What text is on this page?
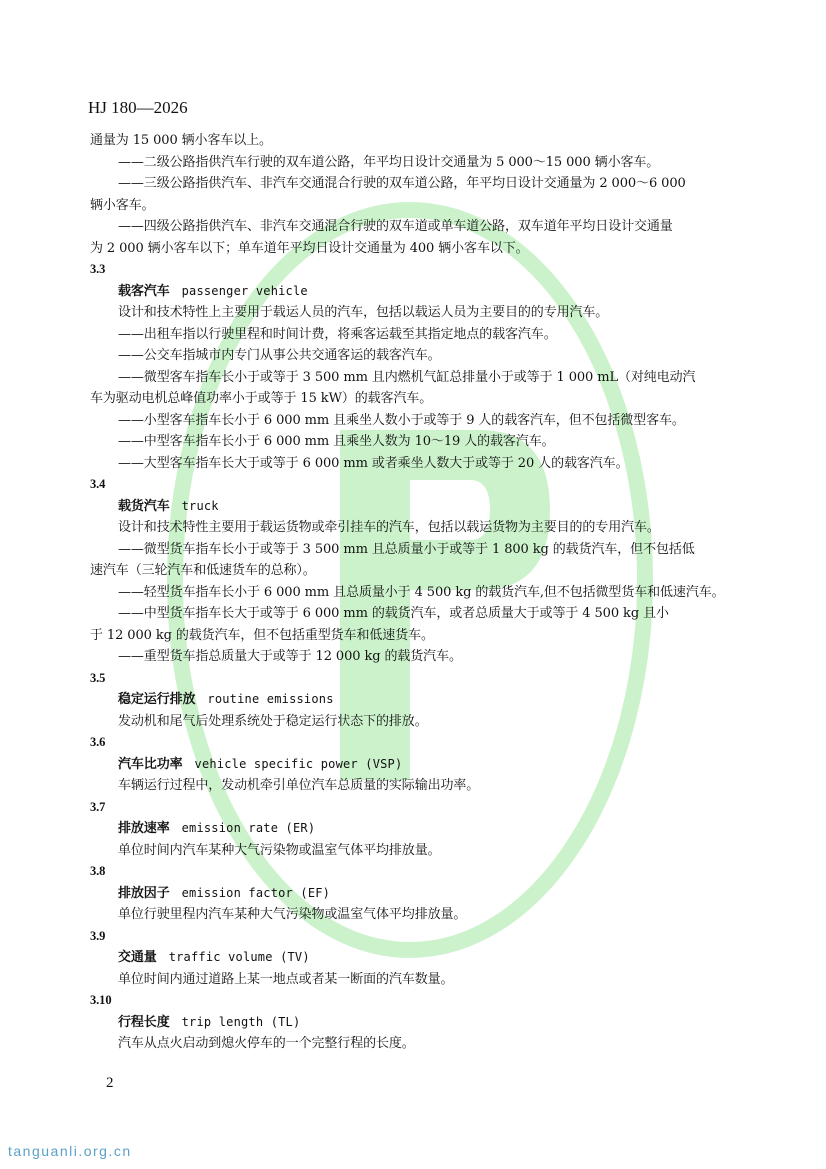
HJ 180—2026
通量为 15 000 辆小客车以上。
——二级公路指供汽车行驶的双车道公路，年平均日设计交通量为 5 000～15 000 辆小客车。
——三级公路指供汽车、非汽车交通混合行驶的双车道公路，年平均日设计交通量为 2 000～6 000
辆小客车。
——四级公路指供汽车、非汽车交通混合行驶的双车道或单车道公路，双车道年平均日设计交通量
为 2 000 辆小客车以下；单车道年平均日设计交通量为 400 辆小客车以下。
3.3
载客汽车 passenger vehicle
设计和技术特性上主要用于载运人员的汽车，包括以载运人员为主要目的的专用汽车。
——出租车指以行驶里程和时间计费，将乘客运载至其指定地点的载客汽车。
——公交车指城市内专门从事公共交通客运的载客汽车。
——微型客车指车长小于或等于 3 500 mm 且内燃机气缸总排量小于或等于 1 000 mL（对纯电动汽
车为驱动电机总峰值功率小于或等于 15 kW）的载客汽车。
——小型客车指车长小于 6 000 mm 且乘坐人数小于或等于 9 人的载客汽车，但不包括微型客车。
——中型客车指车长小于 6 000 mm 且乘坐人数为 10～19 人的载客汽车。
——大型客车指车长大于或等于 6 000 mm 或者乘坐人数大于或等于 20 人的载客汽车。
3.4
载货汽车 truck
设计和技术特性主要用于载运货物或牵引挂车的汽车，包括以载运货物为主要目的的专用汽车。
——微型货车指车长小于或等于 3 500 mm 且总质量小于或等于 1 800 kg 的载货汽车，但不包括低
速汽车（三轮汽车和低速货车的总称）。
——轻型货车指车长小于 6 000 mm 且总质量小于 4 500 kg 的载货汽车,但不包括微型货车和低速汽车。
——中型货车指车长大于或等于 6 000 mm 的载货汽车，或者总质量大于或等于 4 500 kg 且小
于 12 000 kg 的载货汽车，但不包括重型货车和低速货车。
——重型货车指总质量大于或等于 12 000 kg 的载货汽车。
3.5
稳定运行排放 routine emissions
发动机和尾气后处理系统处于稳定运行状态下的排放。
3.6
汽车比功率 vehicle specific power (VSP)
车辆运行过程中，发动机牵引单位汽车总质量的实际输出功率。
3.7
排放速率 emission rate (ER)
单位时间内汽车某种大气污染物或温室气体平均排放量。
3.8
排放因子 emission factor (EF)
单位行驶里程内汽车某种大气污染物或温室气体平均排放量。
3.9
交通量 traffic volume (TV)
单位时间内通过道路上某一地点或者某一断面的汽车数量。
3.10
行程长度 trip length (TL)
汽车从点火启动到熄火停车的一个完整行程的长度。
2
tanguanli.org.cn
